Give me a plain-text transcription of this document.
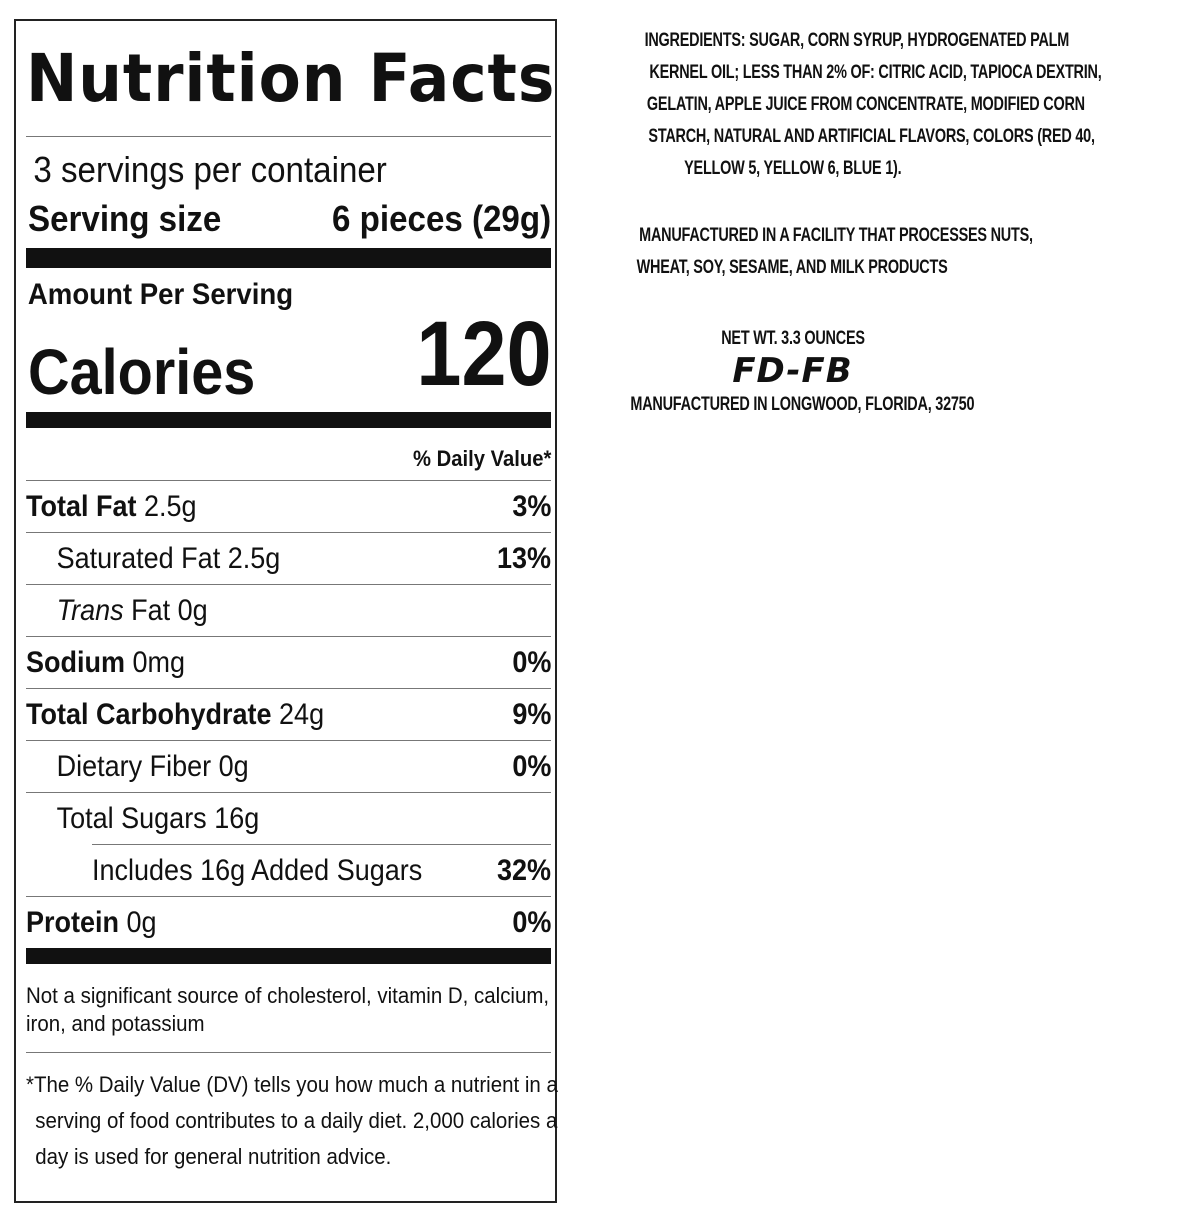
Nutrition Facts
3 servings per container
Serving size	6 pieces (29g)
Amount Per Serving
Calories 120
% Daily Value*
Total Fat 2.5g	3%
Saturated Fat 2.5g	13%
Trans Fat 0g
Sodium 0mg	0%
Total Carbohydrate 24g	9%
Dietary Fiber 0g	0%
Total Sugars 16g
Includes 16g Added Sugars 32%
Protein 0g	0%
Not a significant source of cholesterol, vitamin D, calcium,
iron, and potassium
*The % Daily Value (DV) tells you how much a nutrient in a
serving of food contributes to a daily diet. 2,000 calories a
day is used for general nutrition advice.
INGREDIENTS: SUGAR, CORN SYRUP, HYDROGENATED PALM
KERNEL OIL; LESS THAN 2% OF: CITRIC ACID, TAPIOCA DEXTRIN,
GELATIN, APPLE JUICE FROM CONCENTRATE, MODIFIED CORN
STARCH, NATURAL AND ARTIFICIAL FLAVORS, COLORS (RED 40,
YELLOW 5, YELLOW 6, BLUE 1).
MANUFACTURED IN A FACILITY THAT PROCESSES NUTS,
WHEAT, SOY, SESAME, AND MILK PRODUCTS
NET WT. 3.3 OUNCES
FD-FB
MANUFACTURED IN LONGWOOD, FLORIDA, 32750
